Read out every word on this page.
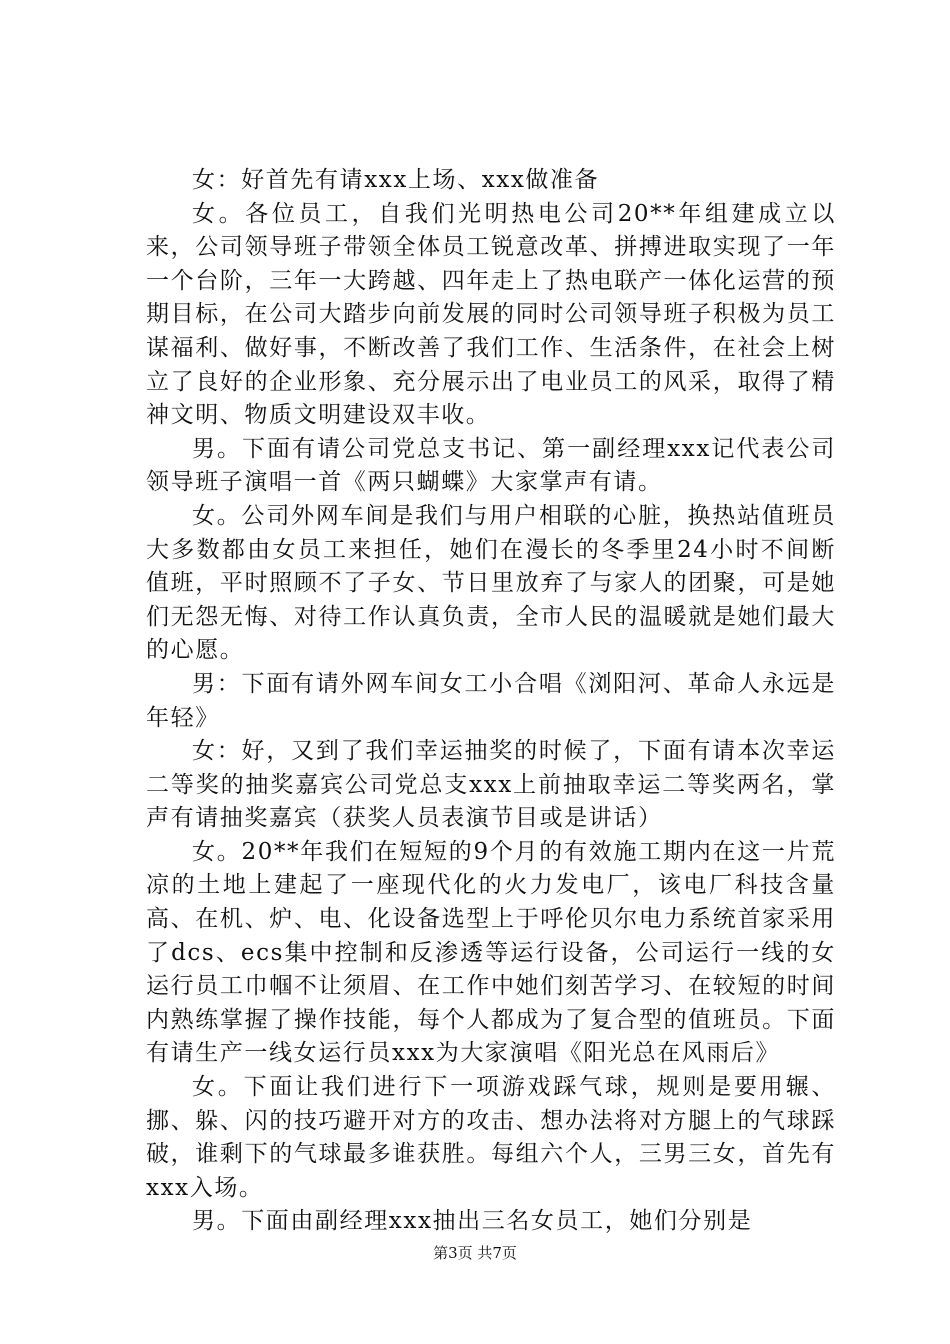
女：好首先有请xxx上场、xxx做准备

女。各位员工，自我们光明热电公司20**年组建成立以来，公司领导班子带领全体员工锐意改革、拼搏进取实现了一年一个台阶，三年一大跨越、四年走上了热电联产一体化运营的预期目标，在公司大踏步向前发展的同时公司领导班子积极为员工谋福利、做好事，不断改善了我们工作、生活条件，在社会上树立了良好的企业形象、充分展示出了电业员工的风采，取得了精神文明、物质文明建设双丰收。

男。下面有请公司党总支书记、第一副经理xxx记代表公司领导班子演唱一首《两只蝴蝶》大家掌声有请。

女。公司外网车间是我们与用户相联的心脏，换热站值班员大多数都由女员工来担任，她们在漫长的冬季里24小时不间断值班，平时照顾不了子女、节日里放弃了与家人的团聚，可是她们无怨无悔、对待工作认真负责，全市人民的温暖就是她们最大的心愿。

男：下面有请外网车间女工小合唱《浏阳河、革命人永远是年轻》

女：好，又到了我们幸运抽奖的时候了，下面有请本次幸运二等奖的抽奖嘉宾公司党总支xxx上前抽取幸运二等奖两名，掌声有请抽奖嘉宾（获奖人员表演节目或是讲话）

女。20**年我们在短短的9个月的有效施工期内在这一片荒凉的土地上建起了一座现代化的火力发电厂，该电厂科技含量高、在机、炉、电、化设备选型上于呼伦贝尔电力系统首家采用了dcs、ecs集中控制和反渗透等运行设备，公司运行一线的女运行员工巾帼不让须眉、在工作中她们刻苦学习、在较短的时间内熟练掌握了操作技能，每个人都成为了复合型的值班员。下面有请生产一线女运行员xxx为大家演唱《阳光总在风雨后》

女。下面让我们进行下一项游戏踩气球，规则是要用辗、挪、躲、闪的技巧避开对方的攻击、想办法将对方腿上的气球踩破，谁剩下的气球最多谁获胜。每组六个人，三男三女，首先有xxx入场。

男。下面由副经理xxx抽出三名女员工，她们分别是

第3页 共7页
